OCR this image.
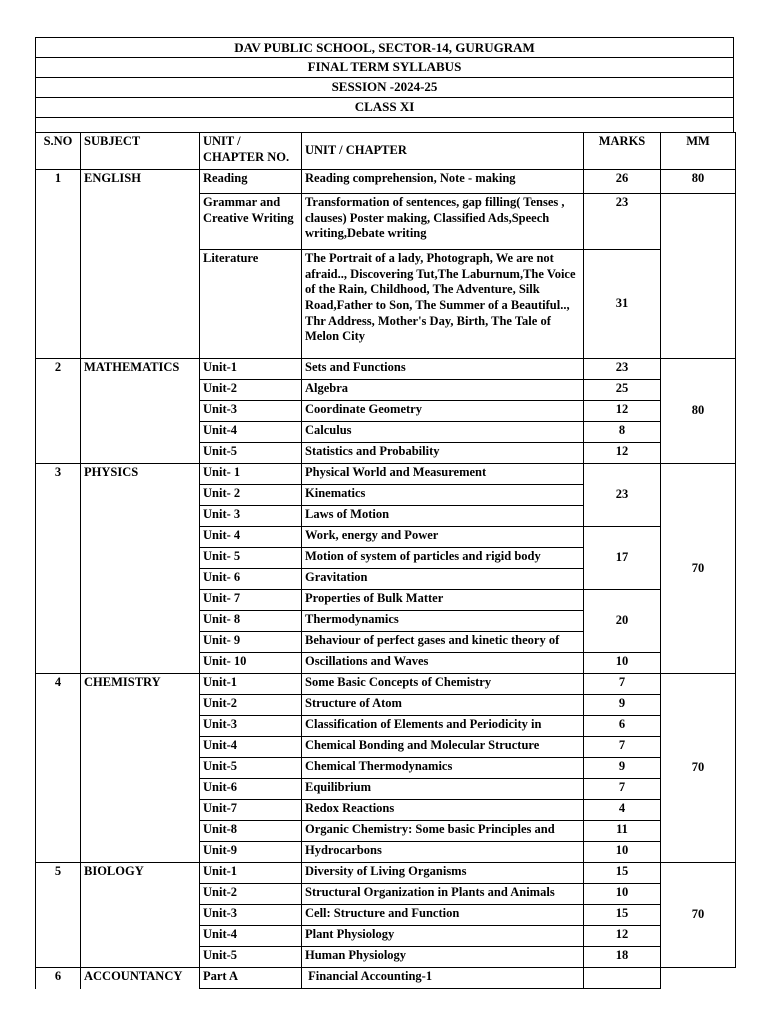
DAV PUBLIC SCHOOL, SECTOR-14, GURUGRAM
FINAL TERM SYLLABUS
SESSION -2024-25
CLASS XI
S.NO	SUBJECT	UNIT / CHAPTER NO.	UNIT / CHAPTER	MARKS	MM
1	ENGLISH	Reading	Reading comprehension, Note - making	26	80
		Grammar and Creative Writing	Transformation of sentences, gap filling( Tenses , clauses) Poster making, Classified Ads,Speech writing,Debate writing	23	
		Literature	The Portrait of a lady, Photograph, We are not afraid.., Discovering Tut,The Laburnum,The Voice of the Rain, Childhood, The Adventure, Silk Road,Father to Son, The Summer of a Beautiful.., Thr Address, Mother's Day, Birth, The Tale of Melon City	31	
2	MATHEMATICS	Unit-1	Sets and Functions	23	80
		Unit-2	Algebra	25	
		Unit-3	Coordinate Geometry	12	
		Unit-4	Calculus	8	
		Unit-5	Statistics and Probability	12	
3	PHYSICS	Unit- 1	Physical World and Measurement	23	70
		Unit- 2	Kinematics		
		Unit- 3	Laws of Motion		
		Unit- 4	Work, energy and Power	17	
		Unit- 5	Motion of system of particles and rigid body		
		Unit- 6	Gravitation		
		Unit- 7	Properties of Bulk Matter	20	
		Unit- 8	Thermodynamics		
		Unit- 9	Behaviour of perfect gases and kinetic theory of		
		Unit- 10	Oscillations and Waves	10	
4	CHEMISTRY	Unit-1	Some Basic Concepts of Chemistry	7	70
		Unit-2	Structure of Atom	9	
		Unit-3	Classification of Elements and Periodicity in	6	
		Unit-4	Chemical Bonding and Molecular Structure	7	
		Unit-5	Chemical Thermodynamics	9	
		Unit-6	Equilibrium	7	
		Unit-7	Redox Reactions	4	
		Unit-8	Organic Chemistry: Some basic Principles and	11	
		Unit-9	Hydrocarbons	10	
5	BIOLOGY	Unit-1	Diversity of Living Organisms	15	70
		Unit-2	Structural Organization in Plants and Animals	10	
		Unit-3	Cell: Structure and Function	15	
		Unit-4	Plant Physiology	12	
		Unit-5	Human Physiology	18	
6	ACCOUNTANCY	Part A	Financial Accounting-1		
